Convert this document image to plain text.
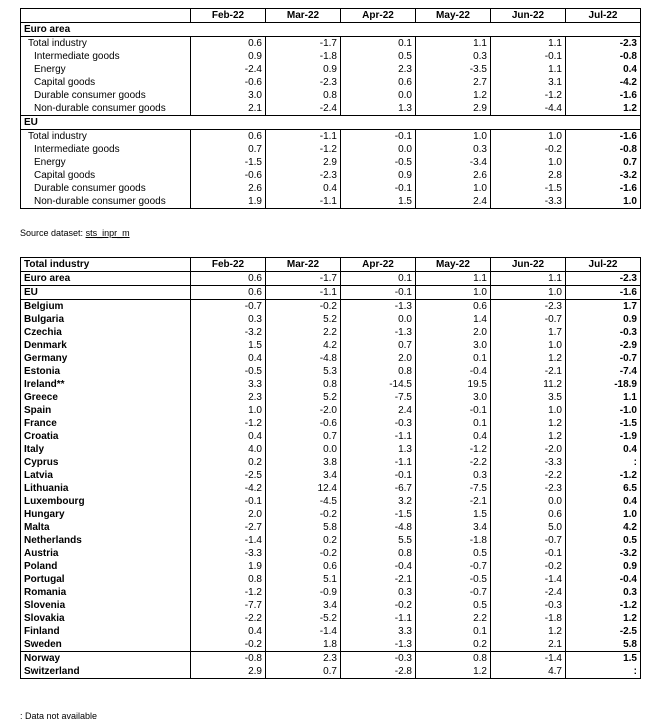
	Feb-22	Mar-22	Apr-22	May-22	Jun-22	Jul-22
Euro area						
Total industry	0.6	-1.7	0.1	1.1	1.1	-2.3
Intermediate goods	0.9	-1.8	0.5	0.3	-0.1	-0.8
Energy	-2.4	0.9	2.3	-3.5	1.1	0.4
Capital goods	-0.6	-2.3	0.6	2.7	3.1	-4.2
Durable consumer goods	3.0	0.8	0.0	1.2	-1.2	-1.6
Non-durable consumer goods	2.1	-2.4	1.3	2.9	-4.4	1.2
EU						
Total industry	0.6	-1.1	-0.1	1.0	1.0	-1.6
Intermediate goods	0.7	-1.2	0.0	0.3	-0.2	-0.8
Energy	-1.5	2.9	-0.5	-3.4	1.0	0.7
Capital goods	-0.6	-2.3	0.9	2.6	2.8	-3.2
Durable consumer goods	2.6	0.4	-0.1	1.0	-1.5	-1.6
Non-durable consumer goods	1.9	-1.1	1.5	2.4	-3.3	1.0
Source dataset: sts_inpr_m
Total industry	Feb-22	Mar-22	Apr-22	May-22	Jun-22	Jul-22
Euro area	0.6	-1.7	0.1	1.1	1.1	-2.3
EU	0.6	-1.1	-0.1	1.0	1.0	-1.6
Belgium	-0.7	-0.2	-1.3	0.6	-2.3	1.7
Bulgaria	0.3	5.2	0.0	1.4	-0.7	0.9
Czechia	-3.2	2.2	-1.3	2.0	1.7	-0.3
Denmark	1.5	4.2	0.7	3.0	1.0	-2.9
Germany	0.4	-4.8	2.0	0.1	1.2	-0.7
Estonia	-0.5	5.3	0.8	-0.4	-2.1	-7.4
Ireland**	3.3	0.8	-14.5	19.5	11.2	-18.9
Greece	2.3	5.2	-7.5	3.0	3.5	1.1
Spain	1.0	-2.0	2.4	-0.1	1.0	-1.0
France	-1.2	-0.6	-0.3	0.1	1.2	-1.5
Croatia	0.4	0.7	-1.1	0.4	1.2	-1.9
Italy	4.0	0.0	1.3	-1.2	-2.0	0.4
Cyprus	0.2	3.8	-1.1	-2.2	-3.3	:
Latvia	-2.5	3.4	-0.1	0.3	-2.2	-1.2
Lithuania	-4.2	12.4	-6.7	-7.5	-2.3	6.5
Luxembourg	-0.1	-4.5	3.2	-2.1	0.0	0.4
Hungary	2.0	-0.2	-1.5	1.5	0.6	1.0
Malta	-2.7	5.8	-4.8	3.4	5.0	4.2
Netherlands	-1.4	0.2	5.5	-1.8	-0.7	0.5
Austria	-3.3	-0.2	0.8	0.5	-0.1	-3.2
Poland	1.9	0.6	-0.4	-0.7	-0.2	0.9
Portugal	0.8	5.1	-2.1	-0.5	-1.4	-0.4
Romania	-1.2	-0.9	0.3	-0.7	-2.4	0.3
Slovenia	-7.7	3.4	-0.2	0.5	-0.3	-1.2
Slovakia	-2.2	-5.2	-1.1	2.2	-1.8	1.2
Finland	0.4	-1.4	3.3	0.1	1.2	-2.5
Sweden	-0.2	1.8	-1.3	0.2	2.1	5.8
Norway	-0.8	2.3	-0.3	0.8	-1.4	1.5
Switzerland	2.9	0.7	-2.8	1.2	4.7	:
: Data not available
